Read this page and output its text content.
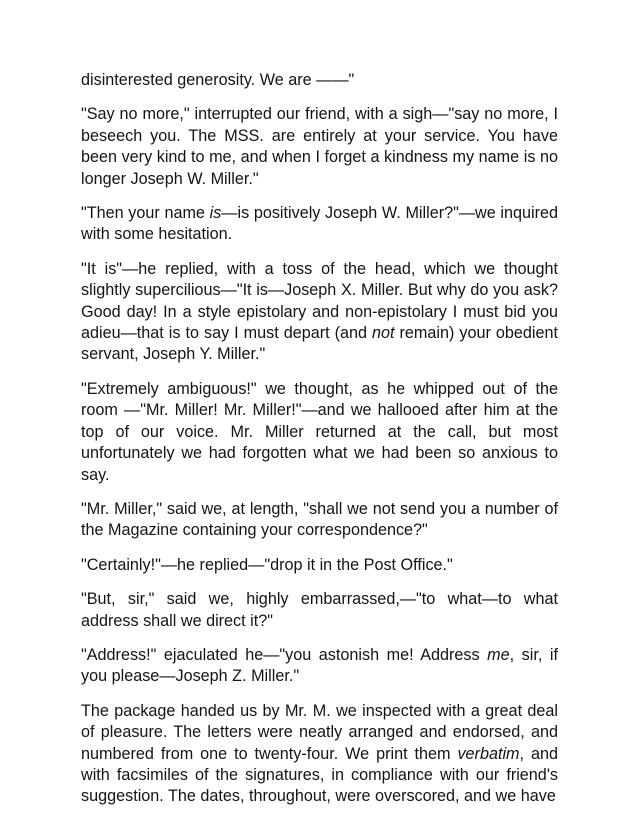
disinterested generosity. We are ——"

"Say no more," interrupted our friend, with a sigh—"say no more, I beseech you. The MSS. are entirely at your service. You have been very kind to me, and when I forget a kindness my name is no longer Joseph W. Miller."

"Then your name is—is positively Joseph W. Miller?"—we inquired with some hesitation.

"It is"—he replied, with a toss of the head, which we thought slightly supercilious—"It is—Joseph X. Miller. But why do you ask? Good day! In a style epistolary and non-epistolary I must bid you adieu—that is to say I must depart (and not remain) your obedient servant, Joseph Y. Miller."

"Extremely ambiguous!" we thought, as he whipped out of the room —"Mr. Miller! Mr. Miller!"—and we hallooed after him at the top of our voice. Mr. Miller returned at the call, but most unfortunately we had forgotten what we had been so anxious to say.

"Mr. Miller," said we, at length, "shall we not send you a number of the Magazine containing your correspondence?"

"Certainly!"—he replied—"drop it in the Post Office."

"But, sir," said we, highly embarrassed,—"to what—to what address shall we direct it?"

"Address!" ejaculated he—"you astonish me! Address me, sir, if you please—Joseph Z. Miller."

The package handed us by Mr. M. we inspected with a great deal of pleasure. The letters were neatly arranged and endorsed, and numbered from one to twenty-four. We print them verbatim, and with facsimiles of the signatures, in compliance with our friend's suggestion. The dates, throughout, were overscored, and we have
